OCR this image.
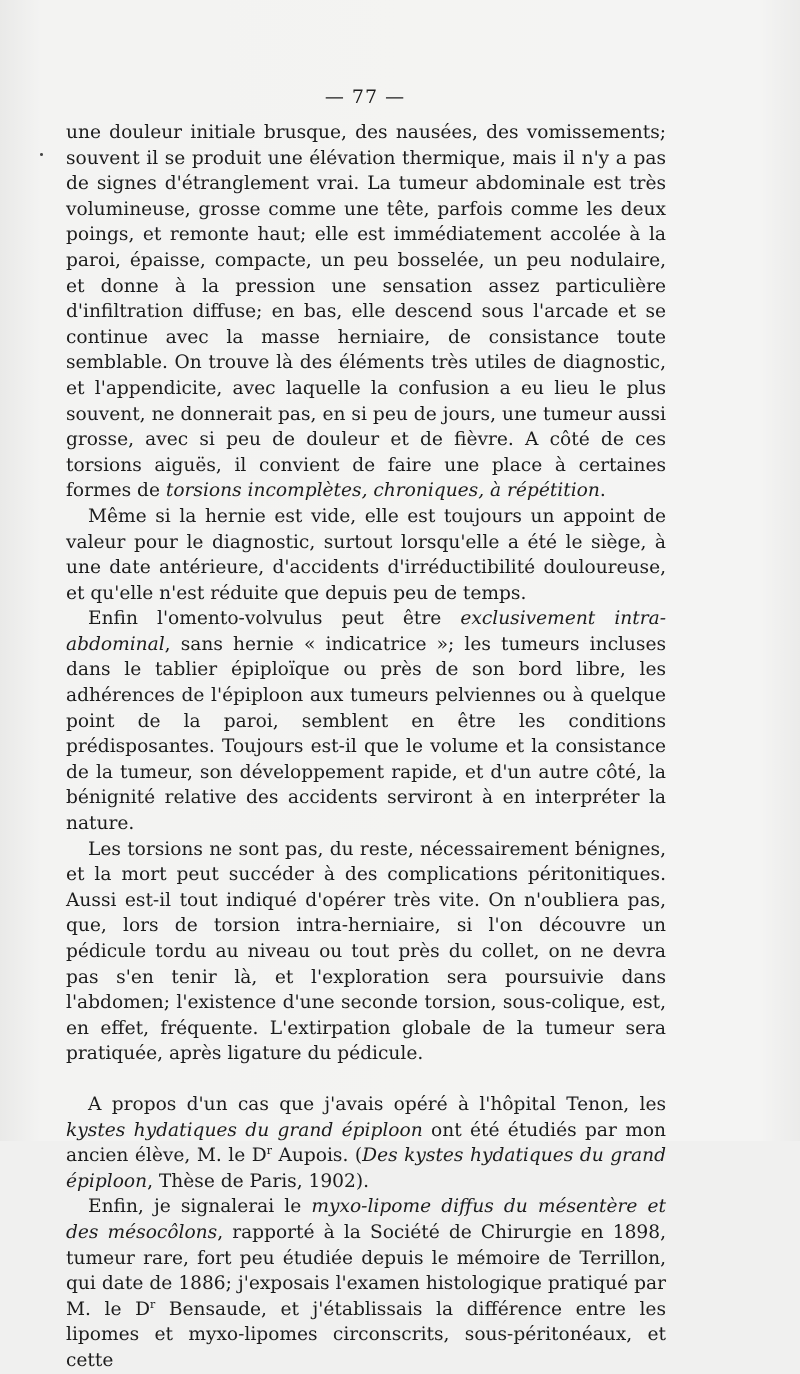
— 77 —

une douleur initiale brusque, des nausées, des vomissements; souvent il se produit une élévation thermique, mais il n'y a pas de signes d'étranglement vrai. La tumeur abdominale est très volumineuse, grosse comme une tête, parfois comme les deux poings, et remonte haut; elle est immédiatement accolée à la paroi, épaisse, compacte, un peu bosselée, un peu nodulaire, et donne à la pression une sensation assez particulière d'infiltration diffuse; en bas, elle descend sous l'arcade et se continue avec la masse herniaire, de consistance toute semblable. On trouve là des éléments très utiles de diagnostic, et l'appendicite, avec laquelle la confusion a eu lieu le plus souvent, ne donnerait pas, en si peu de jours, une tumeur aussi grosse, avec si peu de douleur et de fièvre. A côté de ces torsions aiguës, il convient de faire une place à certaines formes de torsions incomplètes, chroniques, à répétition.

Même si la hernie est vide, elle est toujours un appoint de valeur pour le diagnostic, surtout lorsqu'elle a été le siège, à une date antérieure, d'accidents d'irréductibilité douloureuse, et qu'elle n'est réduite que depuis peu de temps.

Enfin l'omento-volvulus peut être exclusivement intra-abdominal, sans hernie « indicatrice »; les tumeurs incluses dans le tablier épiploïque ou près de son bord libre, les adhérences de l'épiploon aux tumeurs pelviennes ou à quelque point de la paroi, semblent en être les conditions prédisposantes. Toujours est-il que le volume et la consistance de la tumeur, son développement rapide, et d'un autre côté, la bénignité relative des accidents serviront à en interpréter la nature.

Les torsions ne sont pas, du reste, nécessairement bénignes, et la mort peut succéder à des complications péritonitiques. Aussi est-il tout indiqué d'opérer très vite. On n'oubliera pas, que, lors de torsion intra-herniaire, si l'on découvre un pédicule tordu au niveau ou tout près du collet, on ne devra pas s'en tenir là, et l'exploration sera poursuivie dans l'abdomen; l'existence d'une seconde torsion, sous-colique, est, en effet, fréquente. L'extirpation globale de la tumeur sera pratiquée, après ligature du pédicule.

A propos d'un cas que j'avais opéré à l'hôpital Tenon, les kystes hydatiques du grand épiploon ont été étudiés par mon ancien élève, M. le $D^r$ Aupois. (Des kystes hydatiques du grand épiploon, Thèse de Paris, 1902).

Enfin, je signalerai le myxo-lipome diffus du mésentère et des mésocôlons, rapporté à la Société de Chirurgie en 1898, tumeur rare, fort peu étudiée depuis le mémoire de Terrillon, qui date de 1886; j'exposais l'examen histologique pratiqué par M. le $D^r$ Bensaude, et j'établissais la différence entre les lipomes et myxo-lipomes circonscrits, sous-péritonéaux, et cette
